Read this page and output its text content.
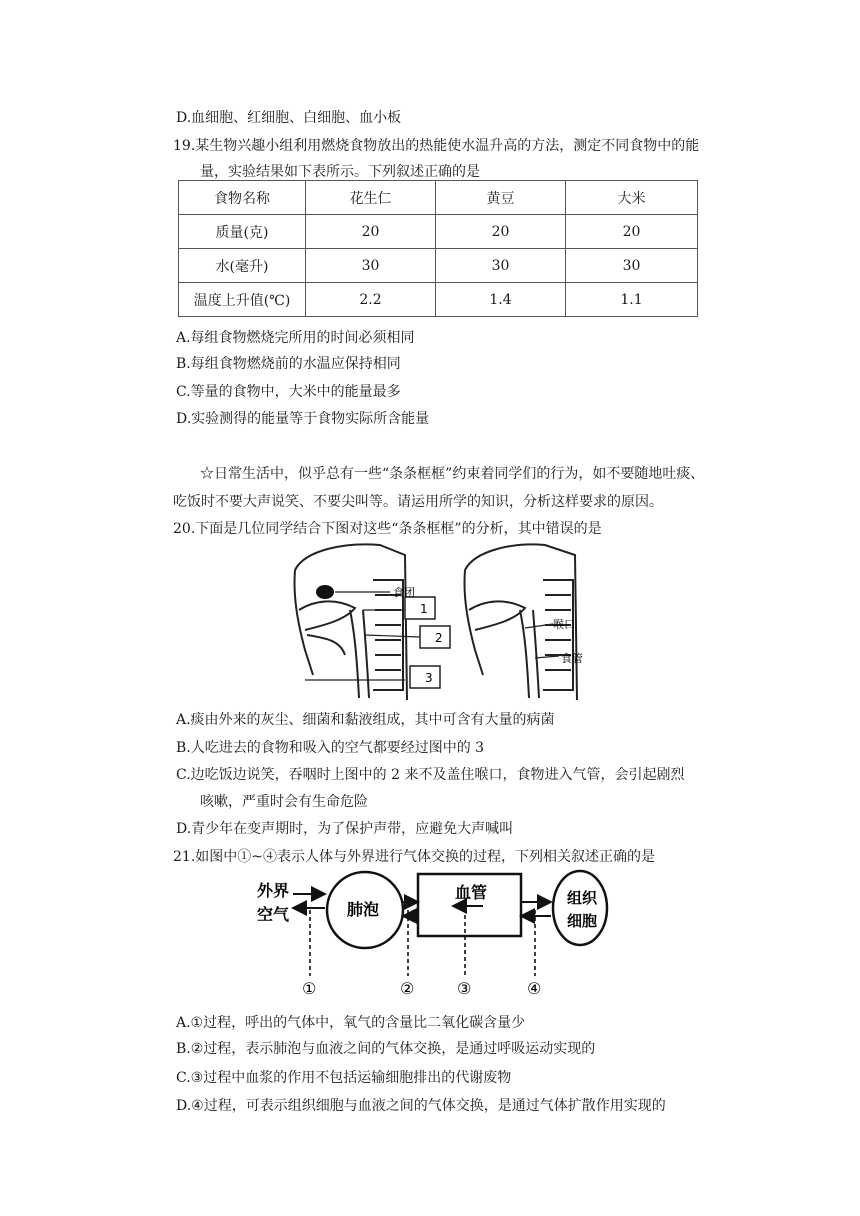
D.血细胞、红细胞、白细胞、血小板
19.某生物兴趣小组利用燃烧食物放出的热能使水温升高的方法，测定不同食物中的能
量，实验结果如下表所示。下列叙述正确的是
食物名称	花生仁	黄豆	大米
质量(克)	20	20	20
水(毫升)	30	30	30
温度上升值(℃)	2.2	1.4	1.1
A.每组食物燃烧完所用的时间必须相同
B.每组食物燃烧前的水温应保持相同
C.等量的食物中，大米中的能量最多
D.实验测得的能量等于食物实际所含能量
☆日常生活中，似乎总有一些“条条框框”约束着同学们的行为，如不要随地吐痰、
吃饭时不要大声说笑、不要尖叫等。请运用所学的知识，分析这样要求的原因。
20.下面是几位同学结合下图对这些“条条框框”的分析，其中错误的是
1
2
3
食团
喉口
食管
A.痰由外来的灰尘、细菌和黏液组成，其中可含有大量的病菌
B.人吃进去的食物和吸入的空气都要经过图中的 3
C.边吃饭边说笑，吞咽时上图中的 2 来不及盖住喉口，食物进入气管，会引起剧烈
咳嗽，严重时会有生命危险
D.青少年在变声期时，为了保护声带，应避免大声喊叫
21.如图中①~④表示人体与外界进行气体交换的过程，下列相关叙述正确的是
外界
空气	肺泡
血管	组织
细胞
①	②	③	④
A.①过程，呼出的气体中，氧气的含量比二氧化碳含量少
B.②过程，表示肺泡与血液之间的气体交换，是通过呼吸运动实现的
C.③过程中血浆的作用不包括运输细胞排出的代谢废物
D.④过程，可表示组织细胞与血液之间的气体交换，是通过气体扩散作用实现的
